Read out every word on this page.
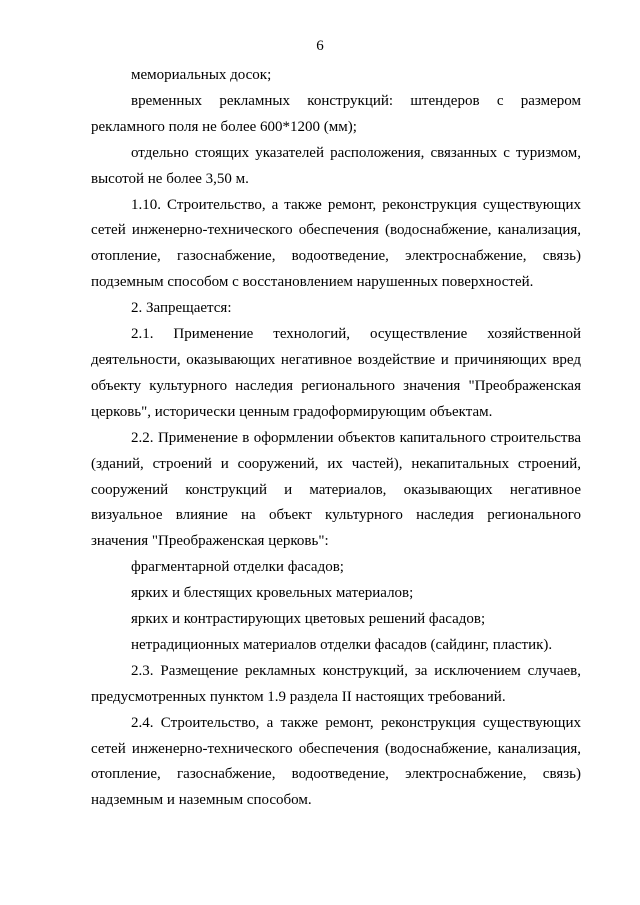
6

мемориальных досок;

временных рекламных конструкций: штендеров с размером рекламного поля не более 600*1200 (мм);

отдельно стоящих указателей расположения, связанных с туризмом, высотой не более 3,50 м.

1.10. Строительство, а также ремонт, реконструкция существующих сетей инженерно-технического обеспечения (водоснабжение, канализация, отопление, газоснабжение, водоотведение, электроснабжение, связь) подземным способом с восстановлением нарушенных поверхностей.

2. Запрещается:

2.1. Применение технологий, осуществление хозяйственной деятельности, оказывающих негативное воздействие и причиняющих вред объекту культурного наследия регионального значения "Преображенская церковь", исторически ценным градоформирующим объектам.

2.2. Применение в оформлении объектов капитального строительства (зданий, строений и сооружений, их частей), некапитальных строений, сооружений конструкций и материалов, оказывающих негативное визуальное влияние на объект культурного наследия регионального значения "Преображенская церковь":

фрагментарной отделки фасадов;

ярких и блестящих кровельных материалов;

ярких и контрастирующих цветовых решений фасадов;

нетрадиционных материалов отделки фасадов (сайдинг, пластик).

2.3. Размещение рекламных конструкций, за исключением случаев, предусмотренных пунктом 1.9 раздела II настоящих требований.

2.4. Строительство, а также ремонт, реконструкция существующих сетей инженерно-технического обеспечения (водоснабжение, канализация, отопление, газоснабжение, водоотведение, электроснабжение, связь) надземным и наземным способом.
